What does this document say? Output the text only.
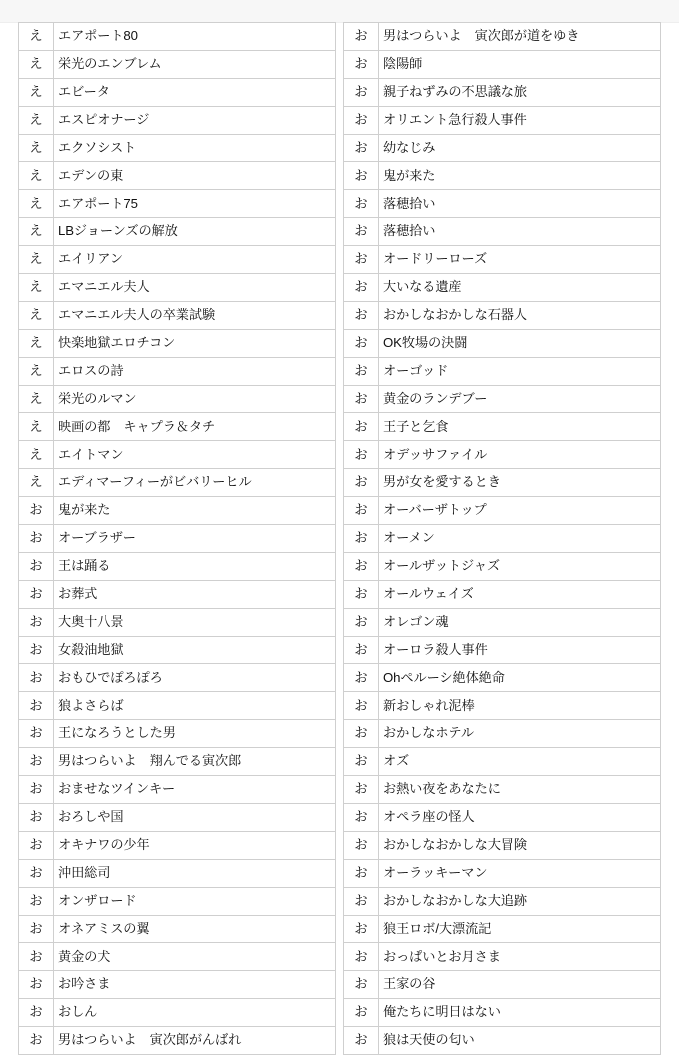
え	エアポート80
え	栄光のエンブレム
え	エビータ
え	エスピオナージ
え	エクソシスト
え	エデンの東
え	エアポート75
え	LBジョーンズの解放
え	エイリアン
え	エマニエル夫人
え	エマニエル夫人の卒業試験
え	快楽地獄エロチコン
え	エロスの詩
え	栄光のルマン
え	映画の都　キャプラ＆タチ
え	エイトマン
え	エディマーフィーがビバリーヒル
お	鬼が来た
お	オーブラザー
お	王は踊る
お	お葬式
お	大奥十八景
お	女殺油地獄
お	おもひでぽろぽろ
お	狼よさらば
お	王になろうとした男
お	男はつらいよ　翔んでる寅次郎
お	おませなツインキー
お	おろしや国
お	オキナワの少年
お	沖田総司
お	オンザロード
お	オネアミスの翼
お	黄金の犬
お	お吟さま
お	おしん
お	男はつらいよ　寅次郎がんばれ
お	男はつらいよ　寅次郎が道をゆき
お	陰陽師
お	親子ねずみの不思議な旅
お	オリエント急行殺人事件
お	幼なじみ
お	鬼が来た
お	落穂拾い
お	落穂拾い
お	オードリーローズ
お	大いなる遺産
お	おかしなおかしな石器人
お	OK牧場の決闘
お	オーゴッド
お	黄金のランデブー
お	王子と乞食
お	オデッサファイル
お	男が女を愛するとき
お	オーバーザトップ
お	オーメン
お	オールザットジャズ
お	オールウェイズ
お	オレゴン魂
お	オーロラ殺人事件
お	Ohペルーシ絶体絶命
お	新おしゃれ泥棒
お	おかしなホテル
お	オズ
お	お熱い夜をあなたに
お	オペラ座の怪人
お	おかしなおかしな大冒険
お	オーラッキーマン
お	おかしなおかしな大追跡
お	狼王ロボ/大漂流記
お	おっぱいとお月さま
お	王家の谷
お	俺たちに明日はない
お	狼は天使の匂い
